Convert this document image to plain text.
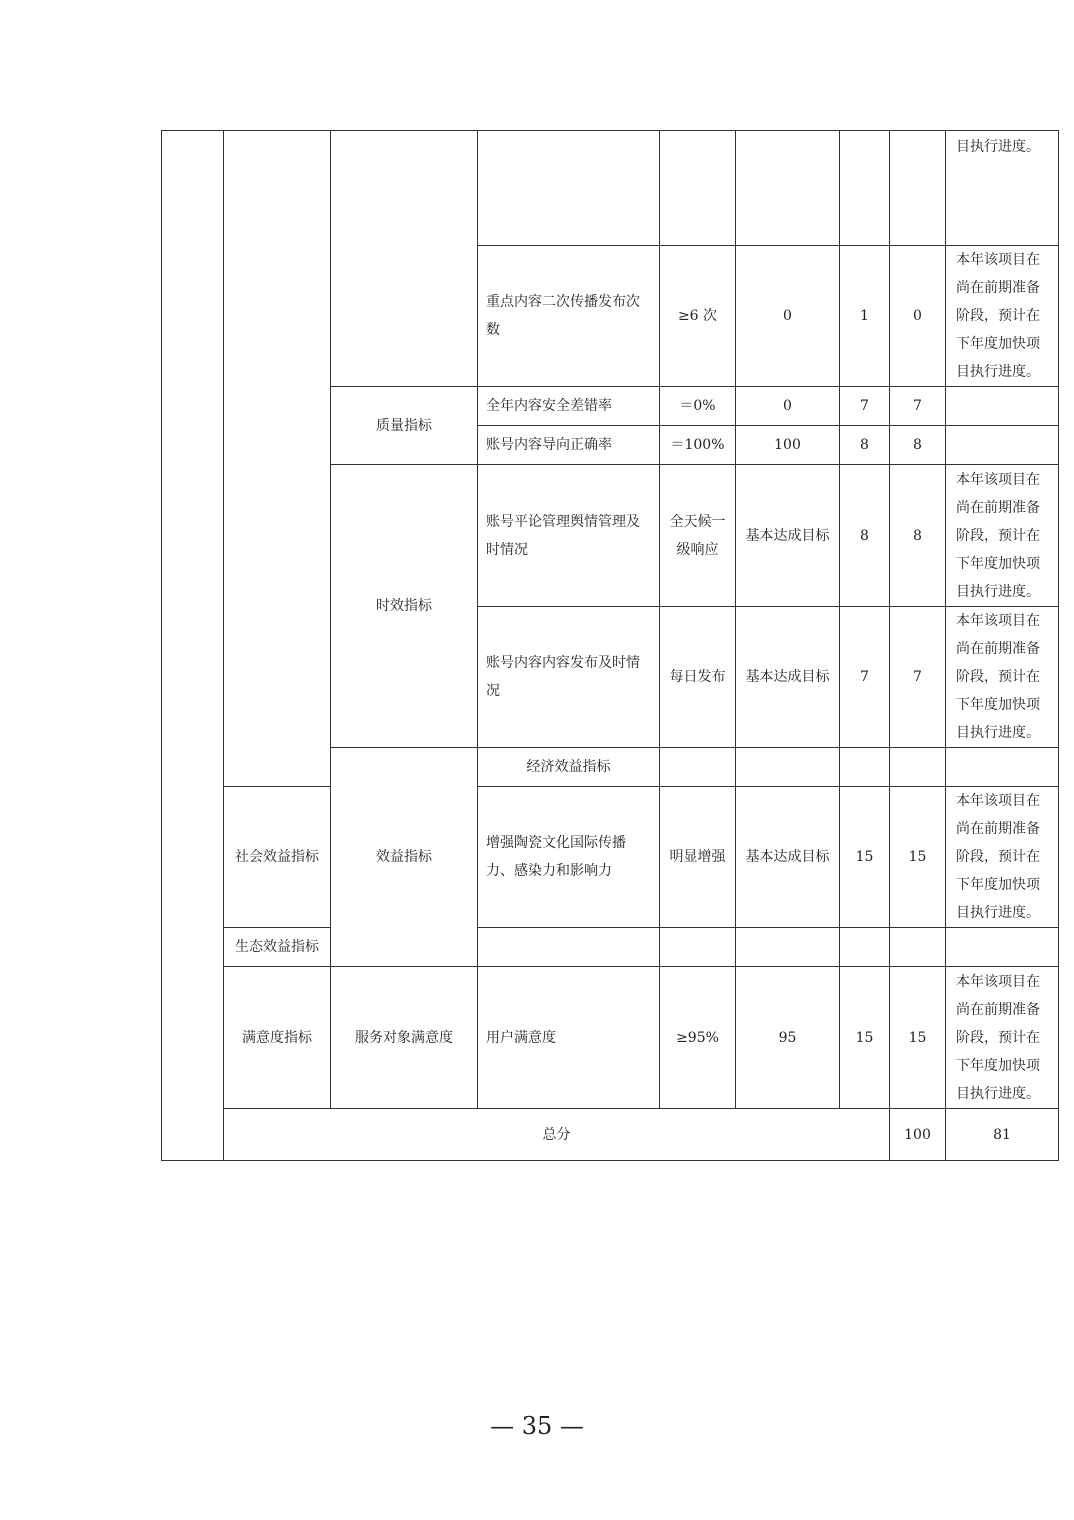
								目执行进度。	
			重点内容二次传播发布次数	≥6 次	0	1	0	本年该项目在尚在前期准备阶段，预计在下年度加快项目执行进度。	
		质量指标	全年内容安全差错率	＝0%	0	7	7		
			账号内容导向正确率	＝100%	100	8	8		
		时效指标	账号平论管理舆情管理及时情况	全天候一级响应	基本达成目标	8	8	本年该项目在尚在前期准备阶段，预计在下年度加快项目执行进度。	
			账号内容内容发布及时情况	每日发布	基本达成目标	7	7	本年该项目在尚在前期准备阶段，预计在下年度加快项目执行进度。	
		效益指标	经济效益指标						
	社会效益指标		增强陶瓷文化国际传播力、感染力和影响力	明显增强	基本达成目标	15	15	本年该项目在尚在前期准备阶段，预计在下年度加快项目执行进度。	
	生态效益指标								
	满意度指标	服务对象满意度	用户满意度	≥95%	95	15	15	本年该项目在尚在前期准备阶段，预计在下年度加快项目执行进度。	
	总分						100	81	
— 35 —
